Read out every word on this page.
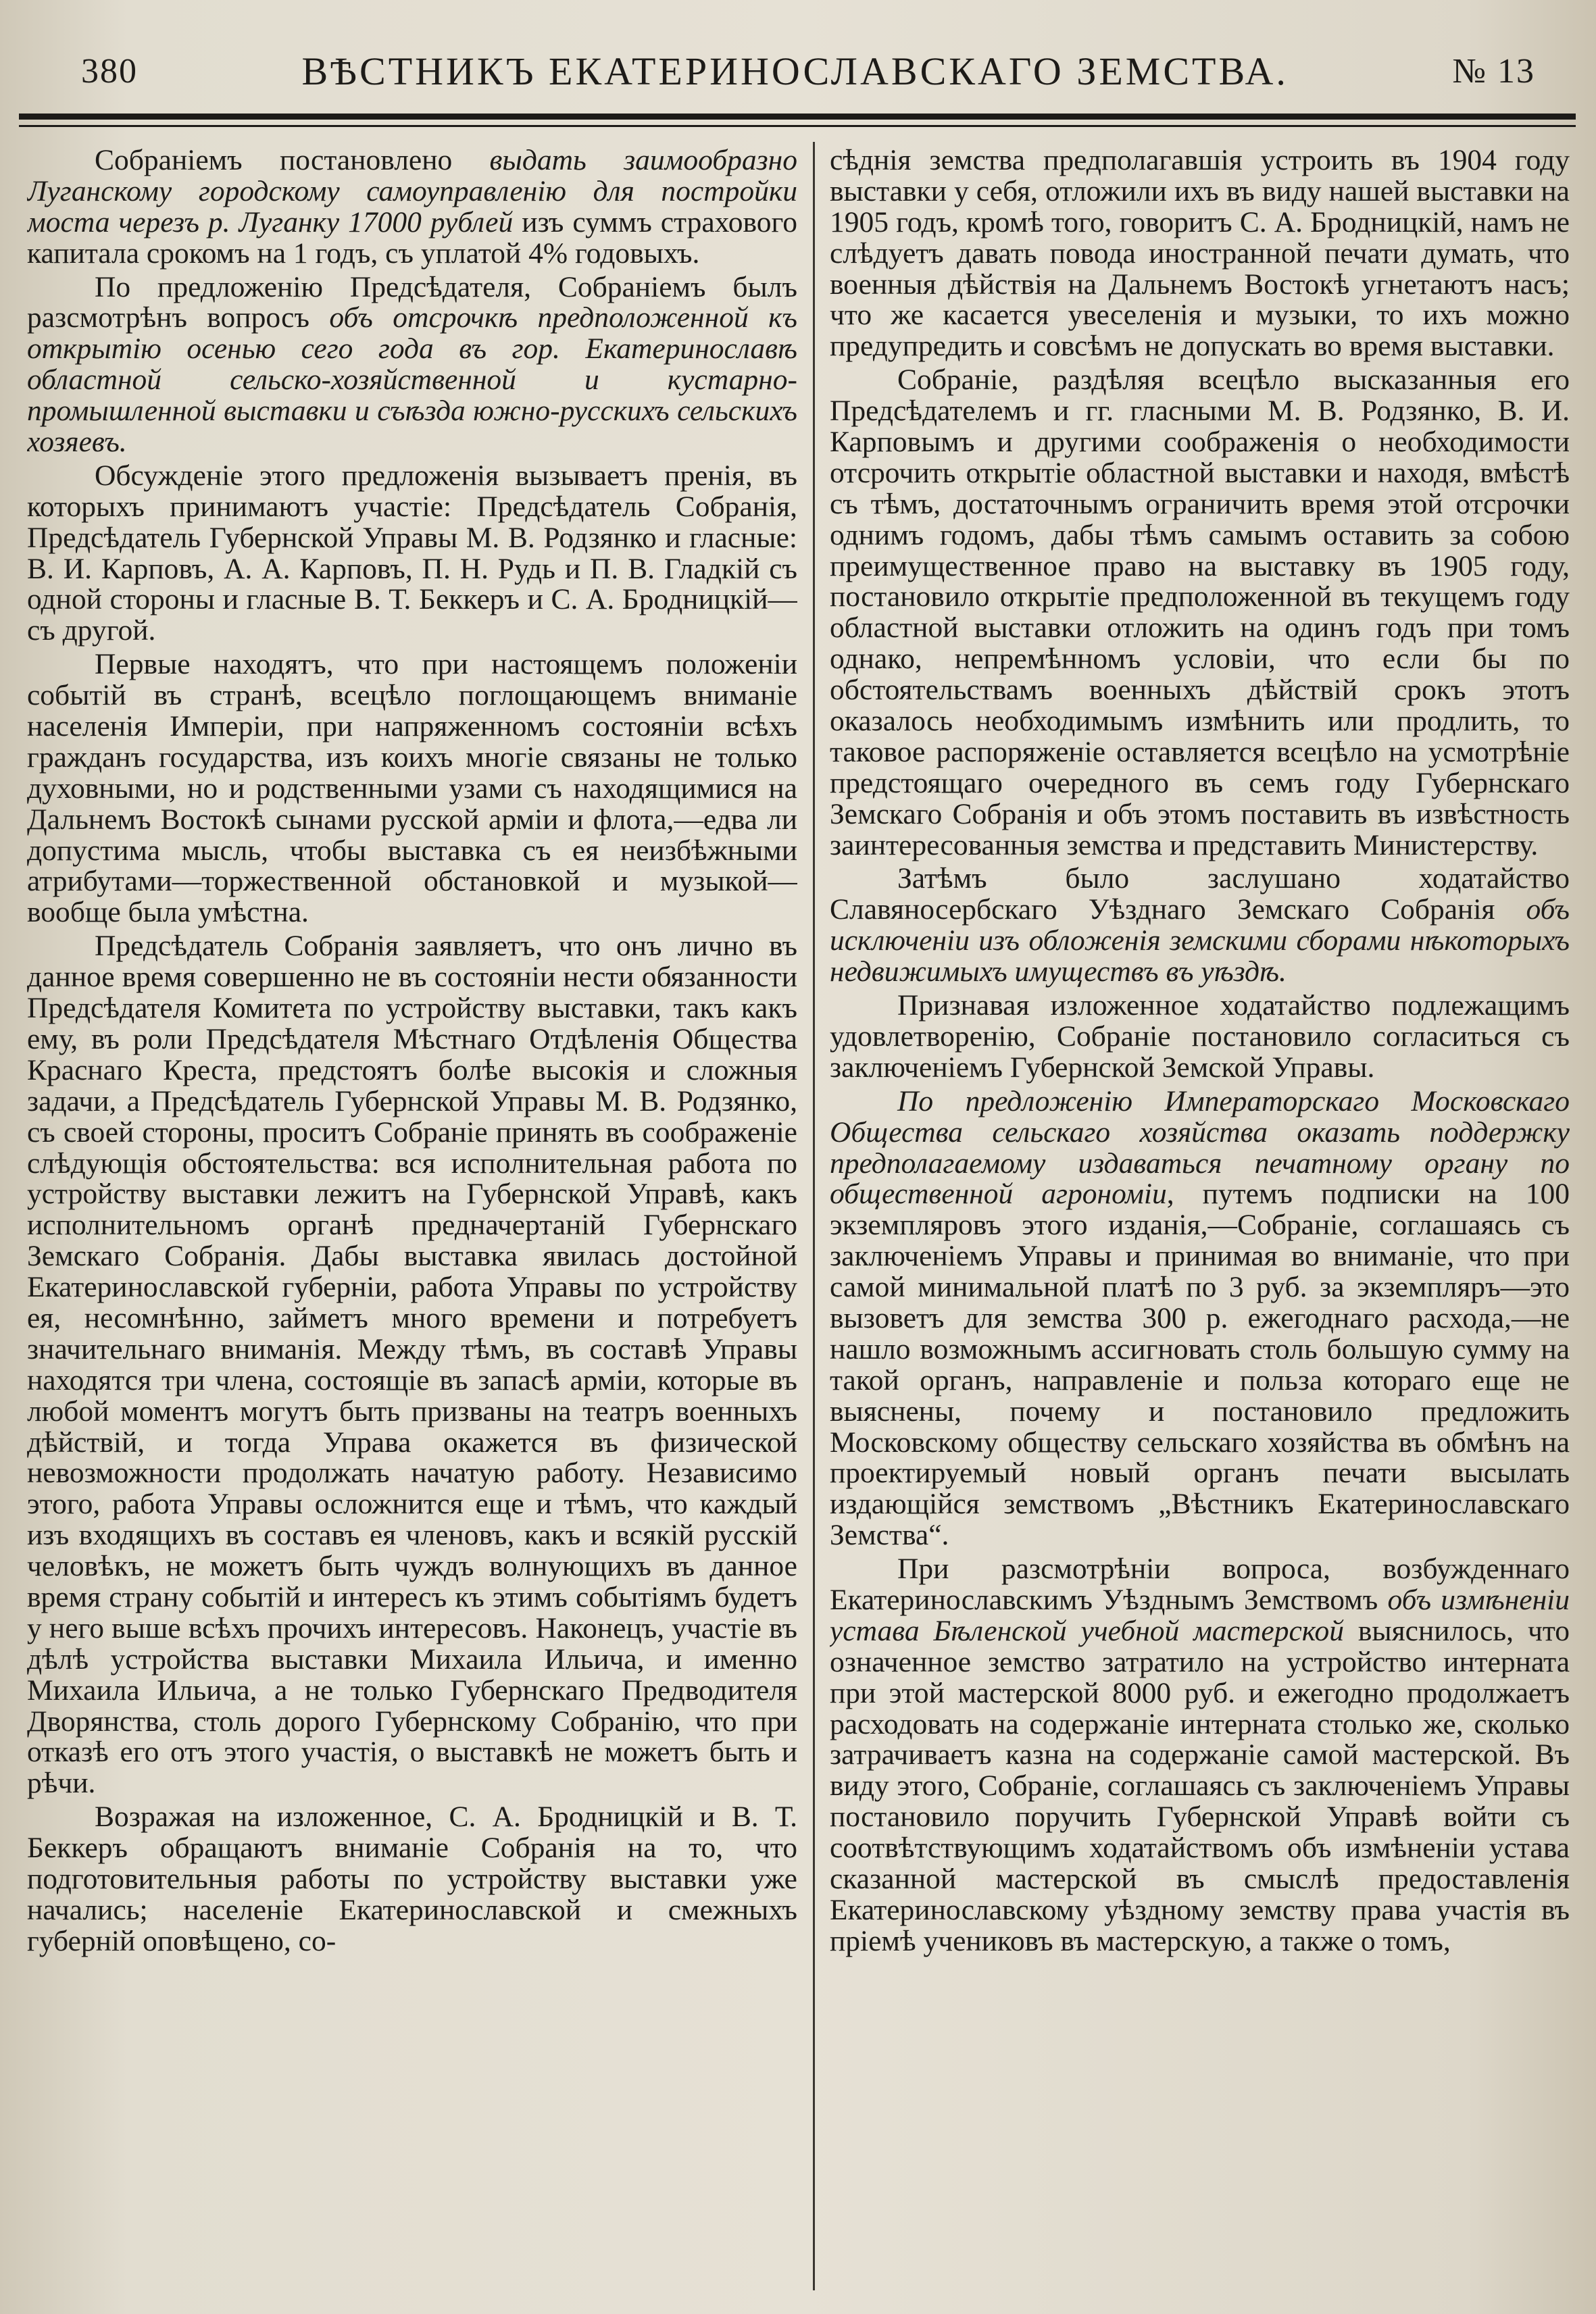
380	ВѢСТНИКЪ ЕКАТЕРИНОСЛАВСКАГО ЗЕМСТВА.	№ 13

Собраніемъ постановлено выдать заимообразно Луганскому городскому самоуправленію для постройки моста черезъ р. Луганку 17000 рублей изъ суммъ страхового капитала срокомъ на 1 годъ, съ уплатой 4% годовыхъ.

По предложенію Предсѣдателя, Собраніемъ былъ разсмотрѣнъ вопросъ объ отсрочкѣ предположенной къ открытію осенью сего года въ гор. Екатеринославѣ областной сельско-хозяйственной и кустарно-промышленной выставки и съѣзда южно-русскихъ сельскихъ хозяевъ.

Обсужденіе этого предложенія вызываетъ пренія, въ которыхъ принимаютъ участіе: Предсѣдатель Собранія, Предсѣдатель Губернской Управы М. В. Родзянко и гласные: В. И. Карповъ, А. А. Карповъ, П. Н. Рудь и П. В. Гладкій съ одной стороны и гласные В. Т. Беккеръ и С. А. Бродницкій—съ другой.

Первые находятъ, что при настоящемъ положеніи событій въ странѣ, всецѣло поглощающемъ вниманіе населенія Имперіи, при напряженномъ состояніи всѣхъ гражданъ государства, изъ коихъ многіе связаны не только духовными, но и родственными узами съ находящимися на Дальнемъ Востокѣ сынами русской арміи и флота,—едва ли допустима мысль, чтобы выставка съ ея неизбѣжными атрибутами—торжественной обстановкой и музыкой—вообще была умѣстна.

Предсѣдатель Собранія заявляетъ, что онъ лично въ данное время совершенно не въ состояніи нести обязанности Предсѣдателя Комитета по устройству выставки, такъ какъ ему, въ роли Предсѣдателя Мѣстнаго Отдѣленія Общества Краснаго Креста, предстоятъ болѣе высокія и сложныя задачи, а Предсѣдатель Губернской Управы М. В. Родзянко, съ своей стороны, проситъ Собраніе принять въ соображеніе слѣдующія обстоятельства: вся исполнительная работа по устройству выставки лежитъ на Губернской Управѣ, какъ исполнительномъ органѣ предначертаній Губернскаго Земскаго Собранія. Дабы выставка явилась достойной Екатеринославской губерніи, работа Управы по устройству ея, несомнѣнно, займетъ много времени и потребуетъ значительнаго вниманія. Между тѣмъ, въ составѣ Управы находятся три члена, состоящіе въ запасѣ арміи, которые въ любой моментъ могутъ быть призваны на театръ военныхъ дѣйствій, и тогда Управа окажется въ физической невозможности продолжать начатую работу. Независимо этого, работа Управы осложнится еще и тѣмъ, что каждый изъ входящихъ въ составъ ея членовъ, какъ и всякій русскій человѣкъ, не можетъ быть чуждъ волнующихъ въ данное время страну событій и интересъ къ этимъ событіямъ будетъ у него выше всѣхъ прочихъ интересовъ. Наконецъ, участіе въ дѣлѣ устройства выставки Михаила Ильича, и именно Михаила Ильича, а не только Губернскаго Предводителя Дворянства, столь дорого Губернскому Собранію, что при отказѣ его отъ этого участія, о выставкѣ не можетъ быть и рѣчи.

Возражая на изложенное, С. А. Бродницкій и В. Т. Беккеръ обращаютъ вниманіе Собранія на то, что подготовительныя работы по устройству выставки уже начались; населеніе Екатеринославской и смежныхъ губерній оповѣщено, со-

сѣднія земства предполагавшія устроить въ 1904 году выставки у себя, отложили ихъ въ виду нашей выставки на 1905 годъ, кромѣ того, говоритъ С. А. Бродницкій, намъ не слѣдуетъ давать повода иностранной печати думать, что военныя дѣйствія на Дальнемъ Востокѣ угнетаютъ насъ; что же касается увеселенія и музыки, то ихъ можно предупредить и совсѣмъ не допускать во время выставки.

Собраніе, раздѣляя всецѣло высказанныя его Предсѣдателемъ и гг. гласными М. В. Родзянко, В. И. Карповымъ и другими соображенія о необходимости отсрочить открытіе областной выставки и находя, вмѣстѣ съ тѣмъ, достаточнымъ ограничить время этой отсрочки однимъ годомъ, дабы тѣмъ самымъ оставить за собою преимущественное право на выставку въ 1905 году, постановило открытіе предположенной въ текущемъ году областной выставки отложить на одинъ годъ при томъ однако, непремѣнномъ условіи, что если бы по обстоятельствамъ военныхъ дѣйствій срокъ этотъ оказалось необходимымъ измѣнить или продлить, то таковое распоряженіе оставляется всецѣло на усмотрѣніе предстоящаго очередного въ семъ году Губернскаго Земскаго Собранія и объ этомъ поставить въ извѣстность заинтересованныя земства и представить Министерству.

Затѣмъ было заслушано ходатайство Славяносербскаго Уѣзднаго Земскаго Собранія объ исключеніи изъ обложенія земскими сборами нѣкоторыхъ недвижимыхъ имуществъ въ уѣздѣ.

Признавая изложенное ходатайство подлежащимъ удовлетворенію, Собраніе постановило согласиться съ заключеніемъ Губернской Земской Управы.

По предложенію Императорскаго Московскаго Общества сельскаго хозяйства оказать поддержку предполагаемому издаваться печатному органу по общественной агрономіи, путемъ подписки на 100 экземпляровъ этого изданія,—Собраніе, соглашаясь съ заключеніемъ Управы и принимая во вниманіе, что при самой минимальной платѣ по 3 руб. за экземпляръ—это вызоветъ для земства 300 р. ежегоднаго расхода,—не нашло возможнымъ ассигновать столь большую сумму на такой органъ, направленіе и польза котораго еще не выяснены, почему и постановило предложить Московскому обществу сельскаго хозяйства въ обмѣнъ на проектируемый новый органъ печати высылать издающійся земствомъ „Вѣстникъ Екатеринославскаго Земства“.

При разсмотрѣніи вопроса, возбужденнаго Екатеринославскимъ Уѣзднымъ Земствомъ объ измѣненіи устава Бѣленской учебной мастерской выяснилось, что означенное земство затратило на устройство интерната при этой мастерской 8000 руб. и ежегодно продолжаетъ расходовать на содержаніе интерната столько же, сколько затрачиваетъ казна на содержаніе самой мастерской. Въ виду этого, Собраніе, соглашаясь съ заключеніемъ Управы постановило поручить Губернской Управѣ войти съ соотвѣтствующимъ ходатайствомъ объ измѣненіи устава сказанной мастерской въ смыслѣ предоставленія Екатеринославскому уѣздному земству права участія въ пріемѣ учениковъ въ мастерскую, а также о томъ,
